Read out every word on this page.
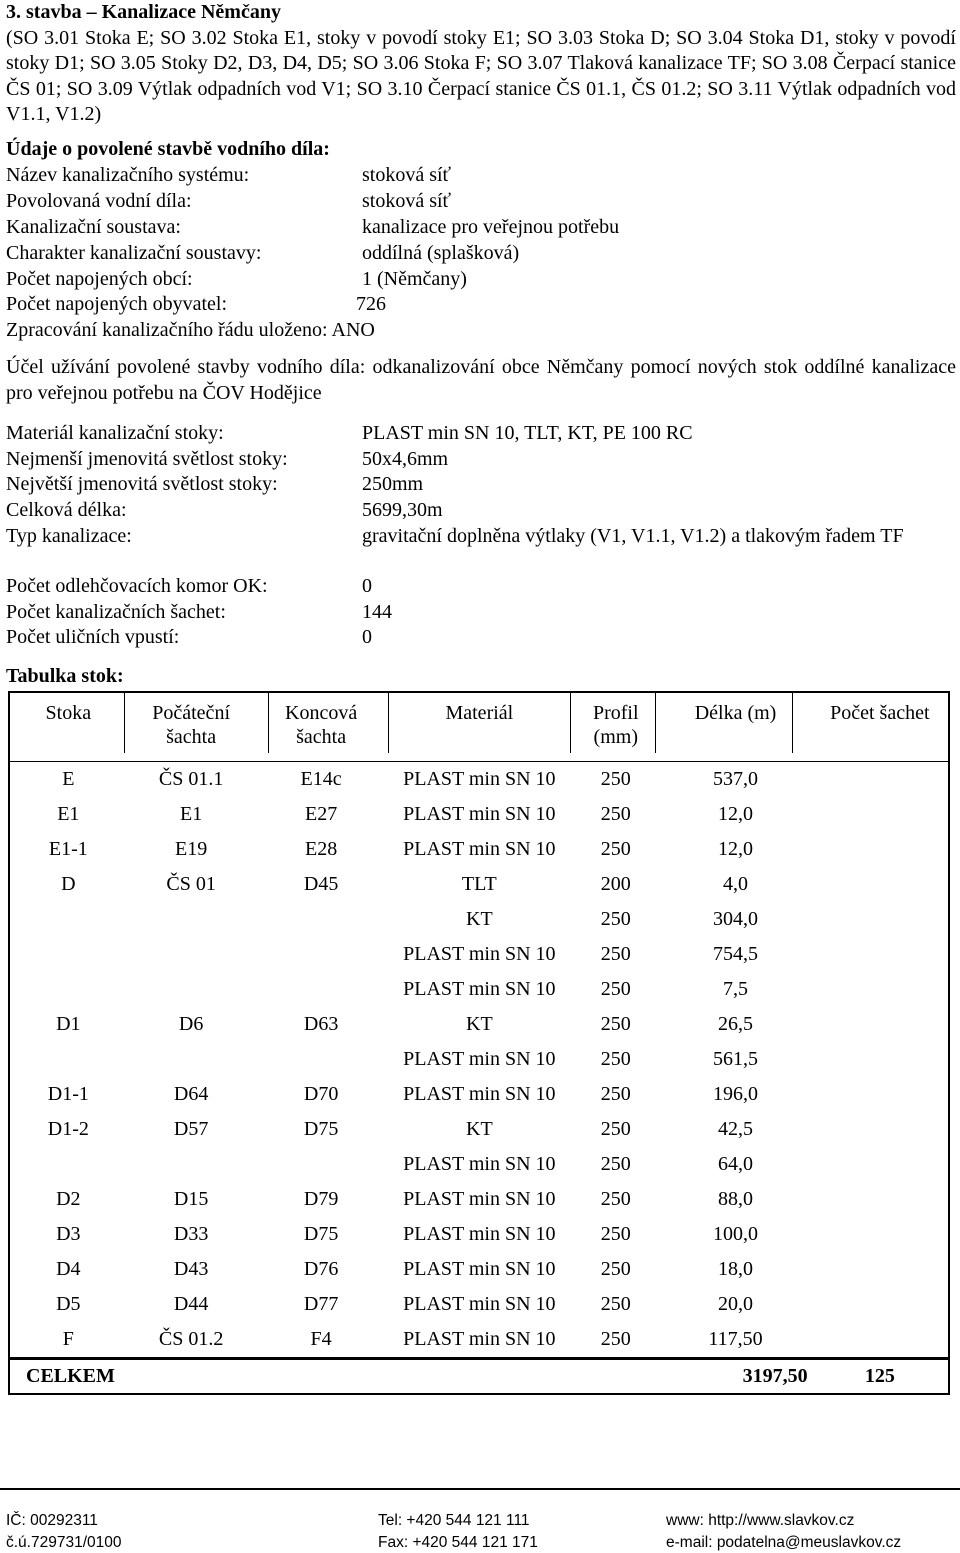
3. stavba – Kanalizace Němčany
(SO 3.01 Stoka E; SO 3.02 Stoka E1, stoky v povodí stoky E1; SO 3.03 Stoka D; SO 3.04 Stoka D1, stoky v povodí stoky D1; SO 3.05 Stoky D2, D3, D4, D5; SO 3.06 Stoka F; SO 3.07 Tlaková kanalizace TF; SO 3.08 Čerpací stanice ČS 01; SO 3.09 Výtlak odpadních vod V1; SO 3.10 Čerpací stanice ČS 01.1, ČS 01.2; SO 3.11 Výtlak odpadních vod V1.1, V1.2)
Údaje o povolené stavbě vodního díla:
Název kanalizačního systému:	stoková síť
Povolovaná vodní díla:	stoková síť
Kanalizační soustava:	kanalizace pro veřejnou potřebu
Charakter kanalizační soustavy:	oddílná (splašková)
Počet napojených obcí:	1 (Němčany)
Počet napojených obyvatel:	726
Zpracování kanalizačního řádu uloženo: ANO
Účel užívání povolené stavby vodního díla: odkanalizování obce Němčany pomocí nových stok oddílné kanalizace pro veřejnou potřebu na ČOV Hodějice
Materiál kanalizační stoky:	PLAST min SN 10, TLT, KT, PE 100 RC
Nejmenší jmenovitá světlost stoky:	50x4,6mm
Největší jmenovitá světlost stoky:	250mm
Celková délka:	5699,30m
Typ kanalizace:	gravitační doplněna výtlaky (V1, V1.1, V1.2) a tlakovým řadem TF
Počet odlehčovacích komor OK:	0
Počet kanalizačních šachet:	144
Počet uličních vpustí:	0
Tabulka stok:
Stoka	Počáteční šachta	Koncová šachta	Materiál	Profil (mm)	Délka (m)	Počet šachet
E	ČS 01.1	E14c	PLAST min SN 10	250	537,0	
E1	E1	E27	PLAST min SN 10	250	12,0	
E1-1	E19	E28	PLAST min SN 10	250	12,0	
D	ČS 01	D45	TLT	200	4,0	
			KT	250	304,0	
			PLAST min SN 10	250	754,5	
			PLAST min SN 10	250	7,5	
D1	D6	D63	KT	250	26,5	
			PLAST min SN 10	250	561,5	
D1-1	D64	D70	PLAST min SN 10	250	196,0	
D1-2	D57	D75	KT	250	42,5	
			PLAST min SN 10	250	64,0	
D2	D15	D79	PLAST min SN 10	250	88,0	
D3	D33	D75	PLAST min SN 10	250	100,0	
D4	D43	D76	PLAST min SN 10	250	18,0	
D5	D44	D77	PLAST min SN 10	250	20,0	
F	ČS 01.2	F4	PLAST min SN 10	250	117,50	
CELKEM					3197,50	125
IČ: 00292311
č.ú.729731/0100
Tel: +420 544 121 111
Fax: +420 544 121 171
www: http://www.slavkov.cz
e-mail: podatelna@meuslavkov.cz
